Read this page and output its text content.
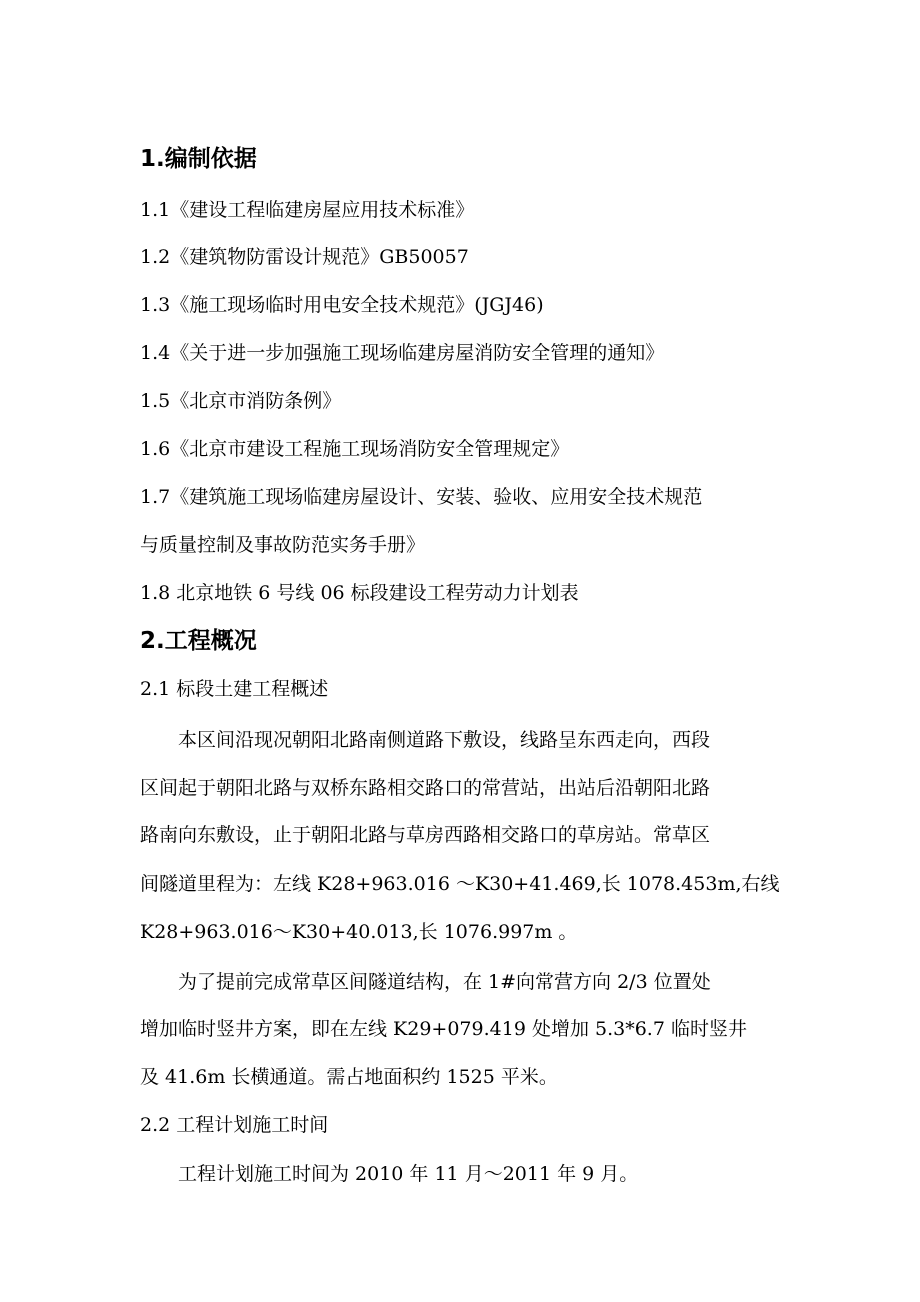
1.编制依据
1.1《建设工程临建房屋应用技术标准》
1.2《建筑物防雷设计规范》GB50057
1.3《施工现场临时用电安全技术规范》(JGJ46)
1.4《关于进一步加强施工现场临建房屋消防安全管理的通知》
1.5《北京市消防条例》
1.6《北京市建设工程施工现场消防安全管理规定》
1.7《建筑施工现场临建房屋设计、安装、验收、应用安全技术规范
与质量控制及事故防范实务手册》
1.8 北京地铁 6 号线 06 标段建设工程劳动力计划表
2.工程概况
2.1 标段土建工程概述
本区间沿现况朝阳北路南侧道路下敷设，线路呈东西走向，西段
区间起于朝阳北路与双桥东路相交路口的常营站，出站后沿朝阳北路
路南向东敷设，止于朝阳北路与草房西路相交路口的草房站。常草区
间隧道里程为：左线 K28+963.016 ～K30+41.469,长 1078.453m,右线
K28+963.016～K30+40.013,长 1076.997m 。
为了提前完成常草区间隧道结构，在 1#向常营方向 2/3 位置处
增加临时竖井方案，即在左线 K29+079.419 处增加 5.3*6.7 临时竖井
及 41.6m 长横通道。需占地面积约 1525 平米。
2.2 工程计划施工时间
工程计划施工时间为 2010 年 11 月～2011 年 9 月。
